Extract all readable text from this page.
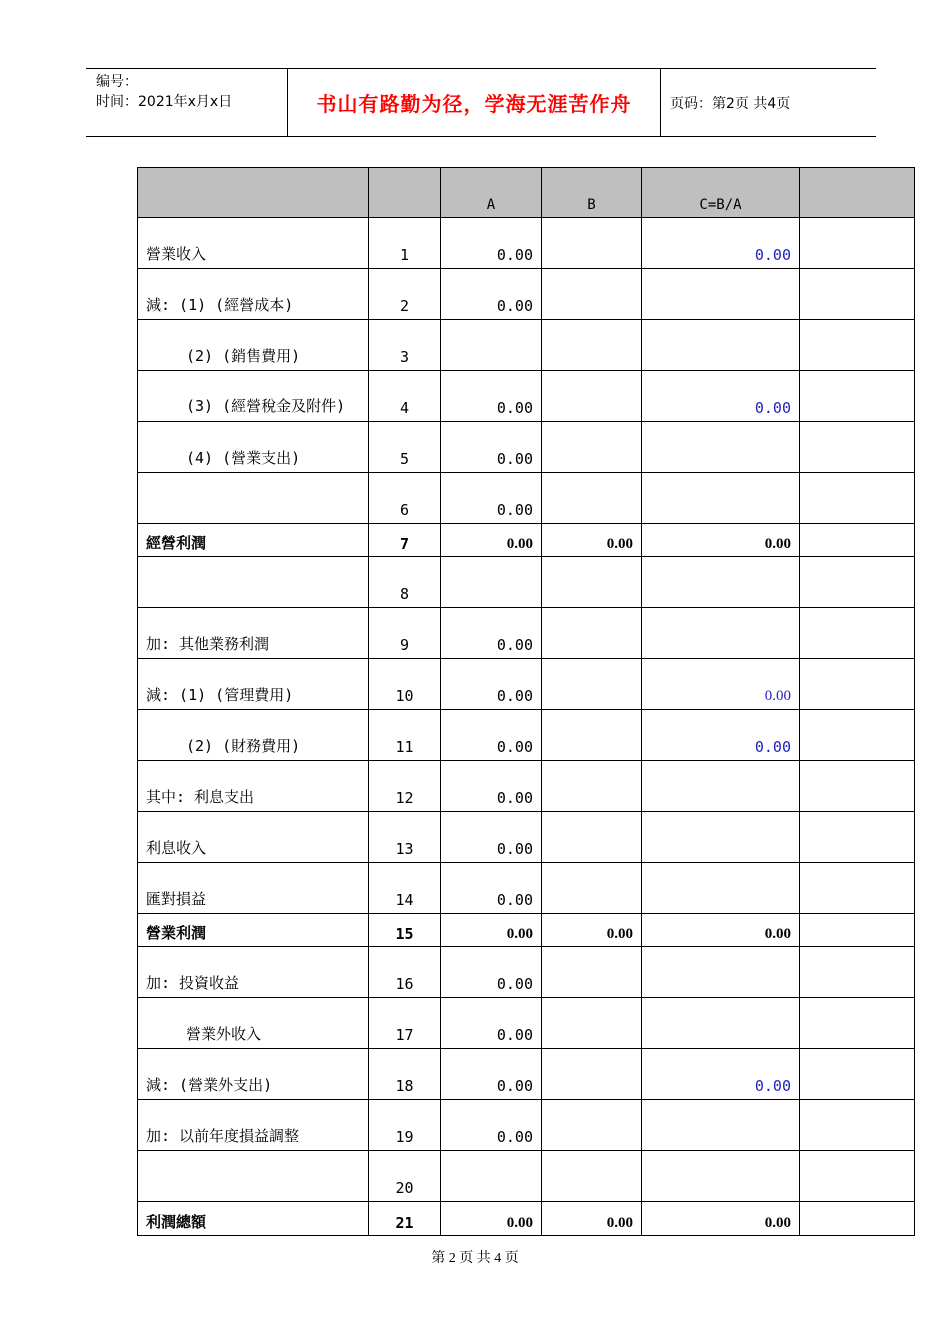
编号：
时间：2021年x月x日	书山有路勤为径，学海无涯苦作舟	页码：第2页 共4页
		A	B	C=B/A	
營業收入	1	0.00		0.00	
減: (1) (經營成本)	2	0.00			
(2) (銷售費用)	3				
(3) (經營稅金及附件)	4	0.00		0.00	
(4) (營業支出)	5	0.00			
	6	0.00			
經營利潤	7	0.00	0.00	0.00	
	8				
加: 其他業務利潤	9	0.00			
減: (1) (管理費用)	10	0.00		0.00	
(2) (財務費用)	11	0.00		0.00	
其中: 利息支出	12	0.00			
利息收入	13	0.00			
匯對損益	14	0.00			
營業利潤	15	0.00	0.00	0.00	
加: 投資收益	16	0.00			
營業外收入	17	0.00			
減: (營業外支出)	18	0.00		0.00	
加: 以前年度損益調整	19	0.00			
	20				
利潤總額	21	0.00	0.00	0.00	
第 2 页 共 4 页
